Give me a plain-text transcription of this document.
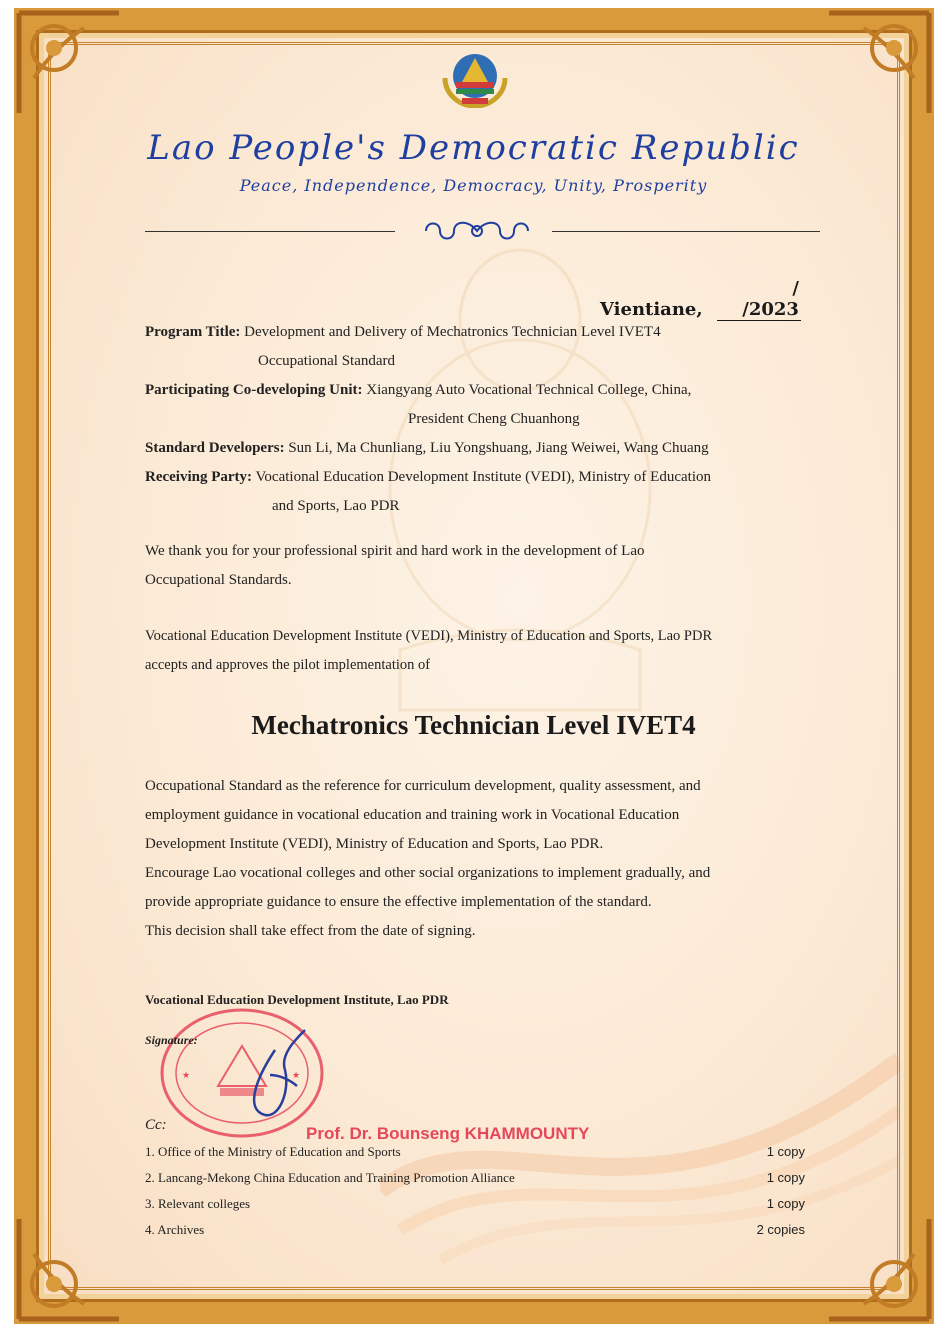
Lao People's Democratic Republic
Peace, Independence, Democracy, Unity, Prosperity
Vientiane, / /2023
Program Title: Development and Delivery of Mechatronics Technician Level IVET4
Occupational Standard
Participating Co-developing Unit: Xiangyang Auto Vocational Technical College, China,
President Cheng Chuanhong
Standard Developers: Sun Li, Ma Chunliang, Liu Yongshuang, Jiang Weiwei, Wang Chuang
Receiving Party: Vocational Education Development Institute (VEDI), Ministry of Education
and Sports, Lao PDR
We thank you for your professional spirit and hard work in the development of Lao
Occupational Standards.
Vocational Education Development Institute (VEDI), Ministry of Education and Sports, Lao PDR
accepts and approves the pilot implementation of
Mechatronics Technician Level IVET4
Occupational Standard as the reference for curriculum development, quality assessment, and
employment guidance in vocational education and training work in Vocational Education
Development Institute (VEDI), Ministry of Education and Sports, Lao PDR.
Encourage Lao vocational colleges and other social organizations to implement gradually, and
provide appropriate guidance to ensure the effective implementation of the standard.
This decision shall take effect from the date of signing.
★	★
Vocational Education Development Institute, Lao PDR
Signature:
Cc:	Prof. Dr. Bounseng KHAMMOUNTY
1. Office of the Ministry of Education and Sports	1 copy
2. Lancang-Mekong China Education and Training Promotion Alliance	1 copy
3. Relevant colleges	1 copy
4. Archives	2 copies
